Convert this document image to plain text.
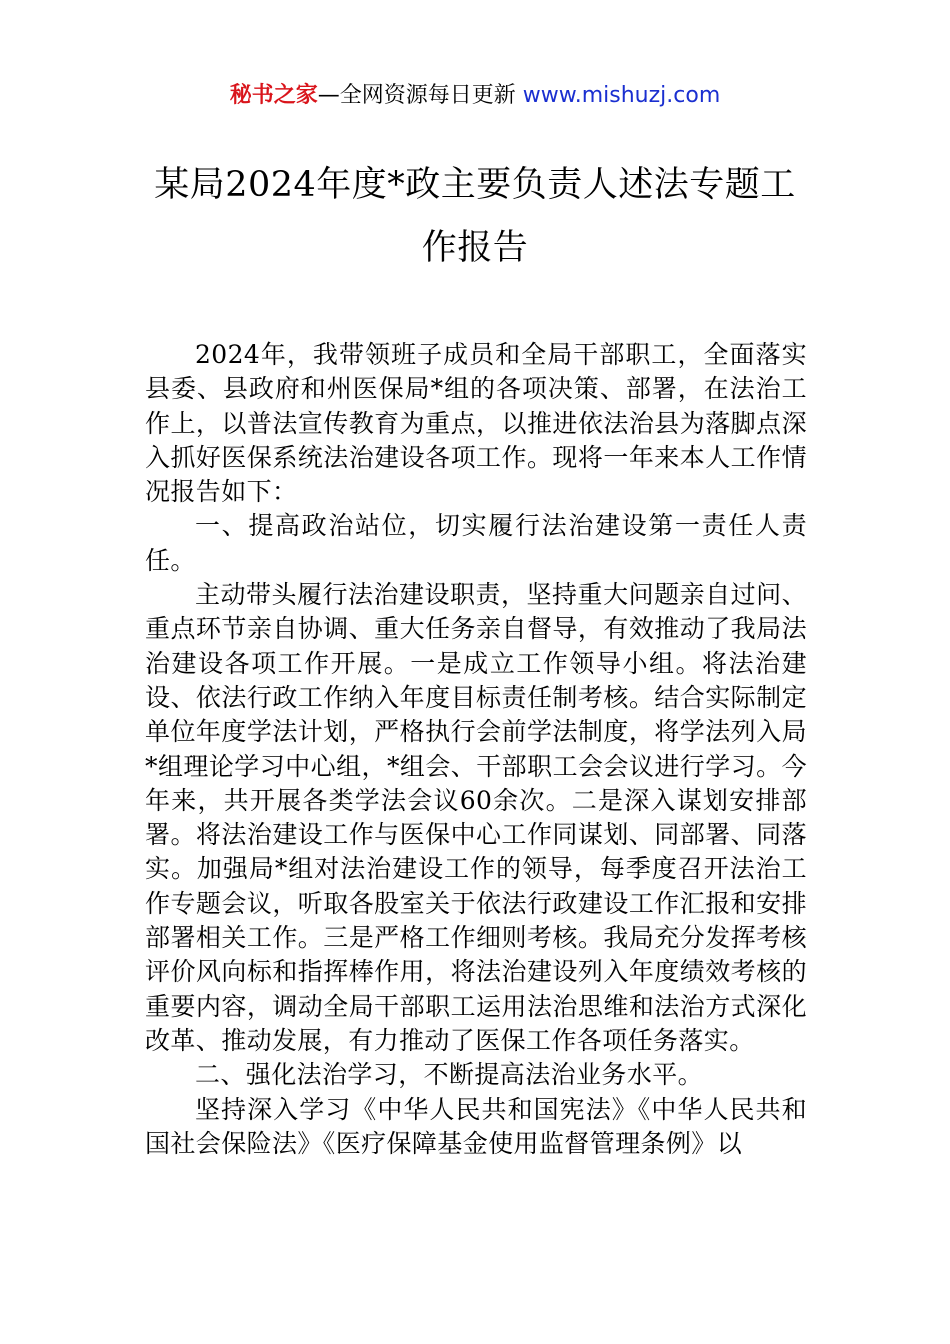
秘书之家—全网资源每日更新 www.mishuzj.com
某局2024年度*政主要负责人述法专题工作报告

2024年，我带领班子成员和全局干部职工，全面落实县委、县政府和州医保局*组的各项决策、部署，在法治工作上，以普法宣传教育为重点，以推进依法治县为落脚点深入抓好医保系统法治建设各项工作。现将一年来本人工作情况报告如下：

一、提高政治站位，切实履行法治建设第一责任人责任。

主动带头履行法治建设职责，坚持重大问题亲自过问、重点环节亲自协调、重大任务亲自督导，有效推动了我局法治建设各项工作开展。一是成立工作领导小组。将法治建设、依法行政工作纳入年度目标责任制考核。结合实际制定单位年度学法计划，严格执行会前学法制度，将学法列入局*组理论学习中心组，*组会、干部职工会会议进行学习。今年来，共开展各类学法会议60余次。二是深入谋划安排部署。将法治建设工作与医保中心工作同谋划、同部署、同落实。加强局*组对法治建设工作的领导，每季度召开法治工作专题会议，听取各股室关于依法行政建设工作汇报和安排部署相关工作。三是严格工作细则考核。我局充分发挥考核评价风向标和指挥棒作用，将法治建设列入年度绩效考核的重要内容，调动全局干部职工运用法治思维和法治方式深化改革、推动发展，有力推动了医保工作各项任务落实。

二、强化法治学习，不断提高法治业务水平。

坚持深入学习《中华人民共和国宪法》《中华人民共和国社会保险法》《医疗保障基金使用监督管理条例》以
